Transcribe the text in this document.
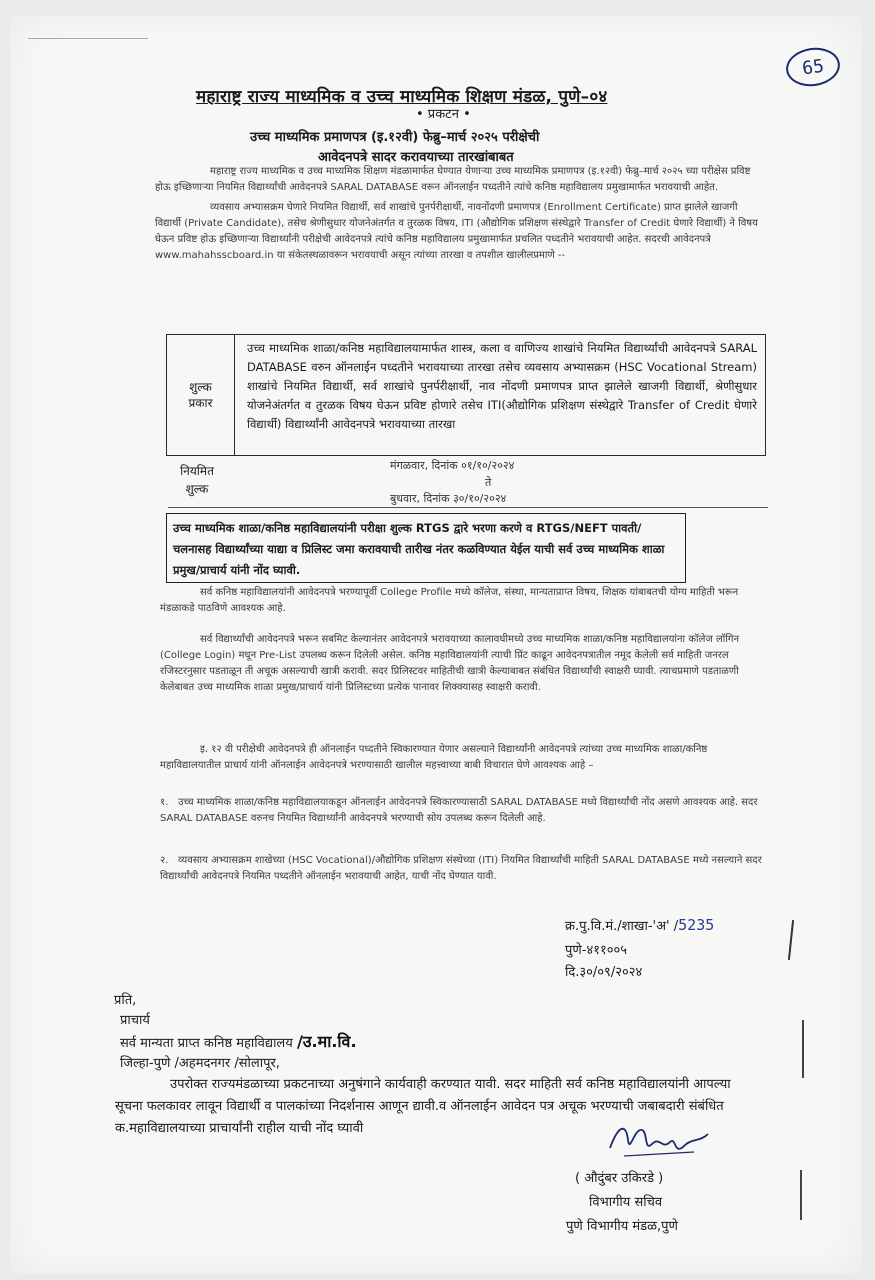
65
महाराष्ट्र राज्य माध्यमिक व उच्च माध्यमिक शिक्षण मंडळ, पुणे–०४
• प्रकटन •
उच्च माध्यमिक प्रमाणपत्र (इ.१२वी) फेब्रु–मार्च २०२५ परीक्षेची
आवेदनपत्रे सादर करावयाच्या तारखांबाबत
महाराष्ट्र राज्य माध्यमिक व उच्च माध्यमिक शिक्षण मंडळामार्फत घेण्यात येणाऱ्या उच्च माध्यमिक प्रमाणपत्र (इ.१२वी) फेब्रु–मार्च २०२५ च्या परीक्षेस प्रविष्ट होऊ इच्छिणाऱ्या नियमित विद्यार्थ्यांची आवेदनपत्रे SARAL DATABASE वरून ऑनलाईन पध्दतीने त्यांचे कनिष्ठ महाविद्यालय प्रमुखामार्फत भरावयाची आहेत.
व्यवसाय अभ्यासक्रम घेणारे नियमित विद्यार्थी, सर्व शाखांचे पुनर्परीक्षार्थी, नावनोंदणी प्रमाणपत्र (Enrollment Certificate) प्राप्त झालेले खाजगी विद्यार्थी (Private Candidate), तसेच श्रेणीसुधार योजनेअंतर्गत व तुरळक विषय, ITI (औद्योगिक प्रशिक्षण संस्थेद्वारे Transfer of Credit घेणारे विद्यार्थी) ने विषय घेऊन प्रविष्ट होऊ इच्छिणाऱ्या विद्यार्थ्यांनी परीक्षेची आवेदनपत्रे त्यांचे कनिष्ठ महाविद्यालय प्रमुखामार्फत प्रचलित पध्दतीने भरावयाची आहेत. सदरची आवेदनपत्रे www.mahahsscboard.in या संकेतस्थळावरून भरावयाची असून त्यांच्या तारखा व तपशील खालीलप्रमाणे --
शुल्क
प्रकार
उच्च माध्यमिक शाळा/कनिष्ठ महाविद्यालयामार्फत शास्त्र, कला व वाणिज्य शाखांचे नियमित विद्यार्थ्यांची आवेदनपत्रे SARAL DATABASE वरुन ऑनलाईन पध्दतीने भरावयाच्या तारखा तसेच व्यवसाय अभ्यासक्रम (HSC Vocational Stream) शाखांचे नियमित विद्यार्थी, सर्व शाखांचे पुनर्परीक्षार्थी, नाव नोंदणी प्रमाणपत्र प्राप्त झालेले खाजगी विद्यार्थी, श्रेणीसुधार योजनेअंतर्गत व तुरळक विषय घेऊन प्रविष्ट होणारे तसेच ITI(औद्योगिक प्रशिक्षण संस्थेद्वारे Transfer of Credit घेणारे विद्यार्थी) विद्यार्थ्यांनी आवेदनपत्रे भरावयाच्या तारखा
नियमित
शुल्क
मंगळवार, दिनांक ०१/१०/२०२४
ते
बुधवार, दिनांक ३०/१०/२०२४
उच्च माध्यमिक शाळा/कनिष्ठ महाविद्यालयांनी परीक्षा शुल्क RTGS द्वारे भरणा करणे व RTGS/NEFT पावती/चलनासह विद्यार्थ्यांच्या याद्या व प्रिलिस्ट जमा करावयाची तारीख नंतर कळविण्यात येईल याची सर्व उच्च माध्यमिक शाळा प्रमुख/प्राचार्य यांनी नोंद घ्यावी.
सर्व कनिष्ठ महाविद्यालयांनी आवेदनपत्रे भरण्यापूर्वी College Profile मध्ये कॉलेज, संस्था, मान्यताप्राप्त विषय, शिक्षक यांबाबतची योग्य माहिती भरून मंडळाकडे पाठविणे आवश्यक आहे.
सर्व विद्यार्थ्यांची आवेदनपत्रे भरून सबमिट केल्यानंतर आवेदनपत्रे भरावयाच्या कालावधीमध्ये उच्च माध्यमिक शाळा/कनिष्ठ महाविद्यालयांना कॉलेज लॉगिन (College Login) मधून Pre-List उपलब्ध करून दिलेली असेल. कनिष्ठ महाविद्यालयांनी त्याची प्रिंट काढून आवेदनपत्रातील नमूद केलेली सर्व माहिती जनरल रजिस्टरनुसार पडताळून ती अचूक असल्याची खात्री करावी. सदर प्रिलिस्टवर माहितीची खात्री केल्याबाबत संबंधित विद्यार्थ्यांची स्वाक्षरी घ्यावी. त्याचप्रमाणे पडताळणी केलेबाबत उच्च माध्यमिक शाळा प्रमुख/प्राचार्य यांनी प्रिलिस्टच्या प्रत्येक पानावर शिक्क्यासह स्वाक्षरी करावी.
इ. १२ वी परीक्षेची आवेदनपत्रे ही ऑनलाईन पध्दतीने स्विकारण्यात येणार असल्याने विद्यार्थ्यांनी आवेदनपत्रे त्यांच्या उच्च माध्यमिक शाळा/कनिष्ठ महाविद्यालयातील प्राचार्य यांनी ऑनलाईन आवेदनपत्रे भरण्यासाठी खालील महत्त्वाच्या बाबी विचारात घेणे आवश्यक आहे –
१. उच्च माध्यमिक शाळा/कनिष्ठ महाविद्यालयाकडून ऑनलाईन आवेदनपत्रे स्विकारण्यासाठी SARAL DATABASE मध्ये विद्यार्थ्यांची नोंद असणे आवश्यक आहे. सदर SARAL DATABASE वरुनच नियमित विद्यार्थ्यांनी आवेदनपत्रे भरण्याची सोय उपलब्ध करून दिलेली आहे.
२. व्यवसाय अभ्यासक्रम शाखेच्या (HSC Vocational)/औद्योगिक प्रशिक्षण संस्थेच्या (ITI) नियमित विद्यार्थ्यांची माहिती SARAL DATABASE मध्ये नसल्याने सदर विद्यार्थ्यांची आवेदनपत्रे नियमित पध्दतीने ऑनलाईन भरावयाची आहेत, याची नोंद घेण्यात यावी.
क्र.पु.वि.मं./शाखा-'अ' /5235
पुणे-४११००५
दि.३०/०९/२०२४
प्रति,
प्राचार्य
सर्व मान्यता प्राप्त कनिष्ठ महाविद्यालय /उ.मा.वि.
जिल्हा-पुणे /अहमदनगर /सोलापूर,
उपरोक्त राज्यमंडळाच्या प्रकटनाच्या अनुषंगाने कार्यवाही करण्यात यावी. सदर माहिती सर्व कनिष्ठ महाविद्यालयांनी आपल्या सूचना फलकावर लावून विद्यार्थी व पालकांच्या निदर्शनास आणून द्यावी.व ऑनलाईन आवेदन पत्र अचूक भरण्याची जबाबदारी संबंधित क.महाविद्यालयाच्या प्राचार्यांनी राहील याची नोंद घ्यावी
( औदुंबर उकिरडे )
विभागीय सचिव
पुणे विभागीय मंडळ,पुणे
